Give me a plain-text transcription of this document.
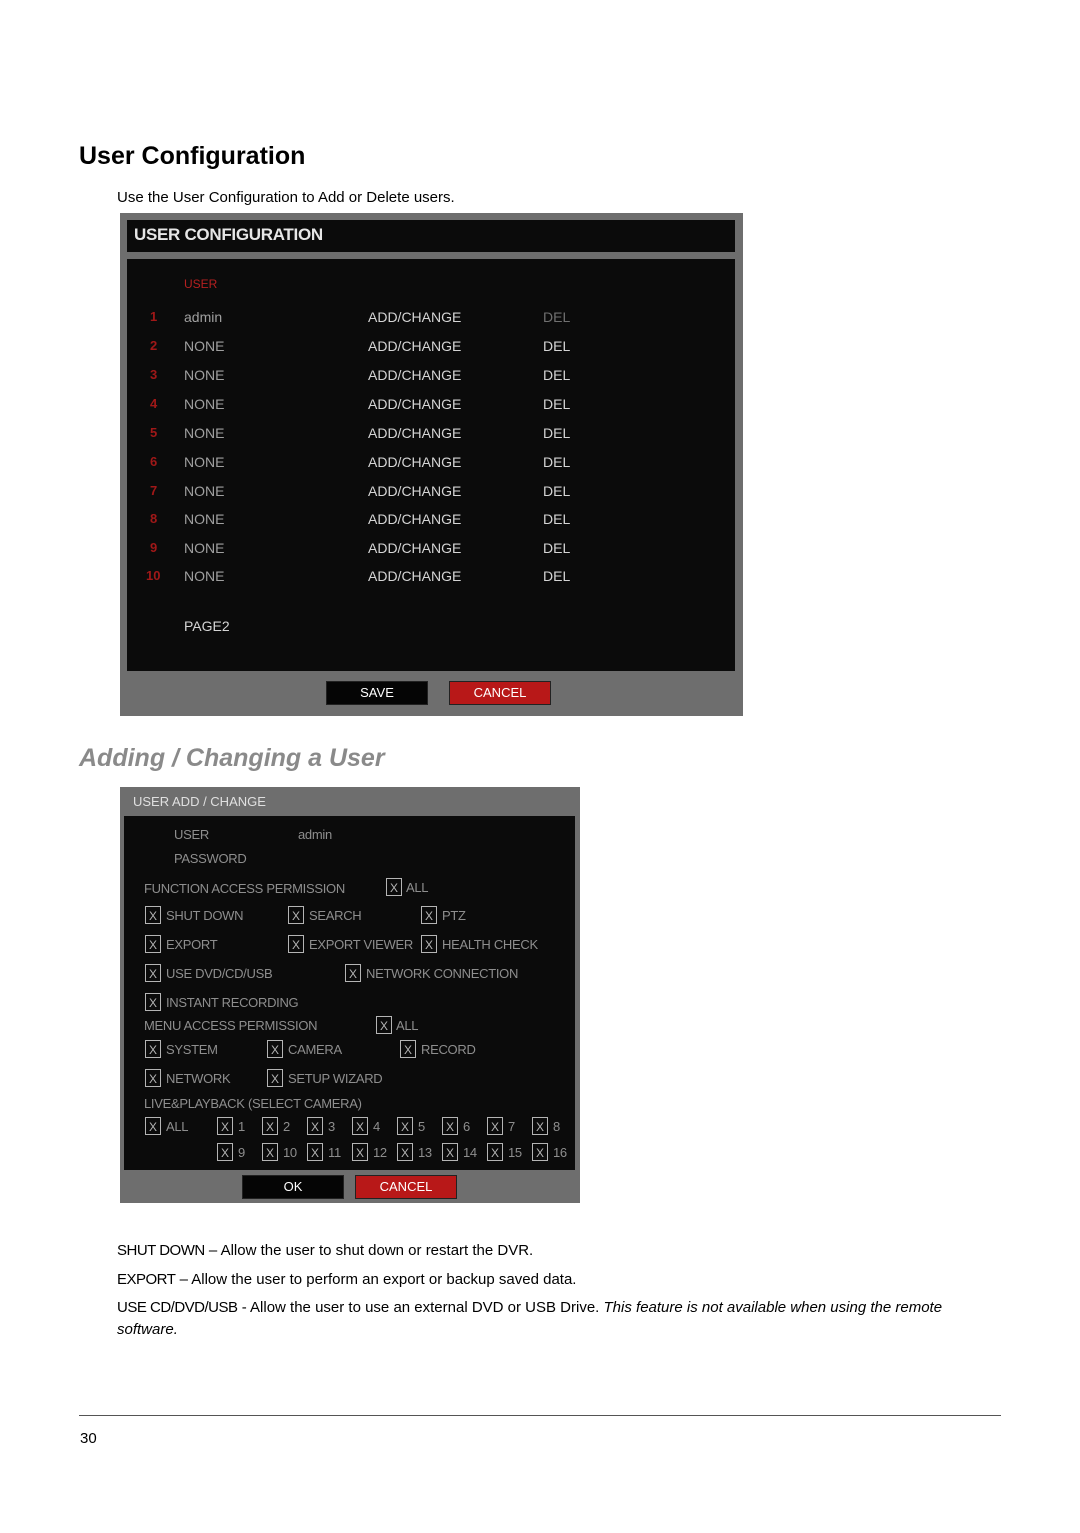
User Configuration
Use the User Configuration to Add or Delete users.
USER CONFIGURATION
USER
1 admin	ADD/CHANGE	DEL
2 NONE	ADD/CHANGE	DEL
3 NONE	ADD/CHANGE	DEL
4 NONE	ADD/CHANGE	DEL
5 NONE	ADD/CHANGE	DEL
6 NONE	ADD/CHANGE	DEL
7 NONE	ADD/CHANGE	DEL
8 NONE	ADD/CHANGE	DEL
9 NONE	ADD/CHANGE	DEL
10 NONE	ADD/CHANGE	DEL
PAGE2
SAVE	CANCEL
Adding / Changing a User
USER ADD / CHANGE
USER	admin
PASSWORD
FUNCTION ACCESS PERMISSION	X ALL
X SHUT DOWN	X SEARCH	X PTZ
X EXPORT	X EXPORT VIEWER	X HEALTH CHECK
X USE DVD/CD/USB	X NETWORK CONNECTION
X INSTANT RECORDING
MENU ACCESS PERMISSION	X ALL
X SYSTEM	X CAMERA	X RECORD
X NETWORK	X SETUP WIZARD
LIVE&PLAYBACK (SELECT CAMERA)
X ALL	X 1	X 2	X 3	X 4	X 5	X 6	X 7	X 8
X 9	X 10	X 11	X 12	X 13	X 14	X 15	X 16
OK	CANCEL
SHUT DOWN – Allow the user to shut down or restart the DVR.
EXPORT – Allow the user to perform an export or backup saved data.
USE CD/DVD/USB - Allow the user to use an external DVD or USB Drive. This feature is not available when using the remote software.
30
